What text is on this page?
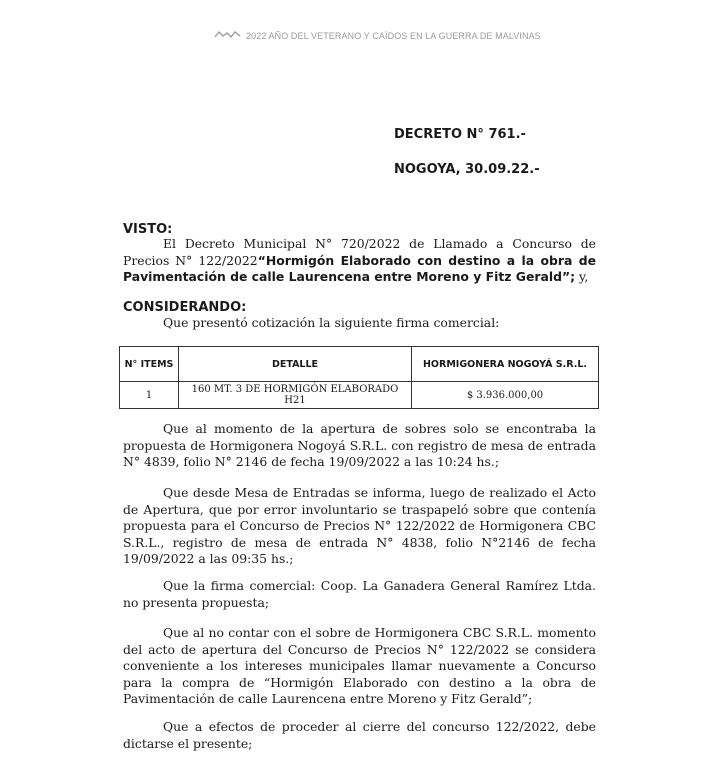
2022 AÑO DEL VETERANO Y CAÍDOS EN LA GUERRA DE MALVINAS
DECRETO N° 761.-
NOGOYA, 30.09.22.-
VISTO:
El Decreto Municipal N° 720/2022 de Llamado a Concurso de Precios N° 122/2022“Hormigón Elaborado con destino a la obra de Pavimentación de calle Laurencena entre Moreno y Fitz Gerald”; y,
CONSIDERANDO:
Que presentó cotización la siguiente firma comercial:
N° ITEMS	DETALLE	HORMIGONERA NOGOYÁ S.R.L.
1	160 MT. 3 DE HORMIGÓN ELABORADO H21	$ 3.936.000,00
Que al momento de la apertura de sobres solo se encontraba la propuesta de Hormigonera Nogoyá S.R.L. con registro de mesa de entrada N° 4839, folio N° 2146 de fecha 19/09/2022 a las 10:24 hs.;
Que desde Mesa de Entradas se informa, luego de realizado el Acto de Apertura, que por error involuntario se traspapeló sobre que contenía propuesta para el Concurso de Precios N° 122/2022 de Hormigonera CBC S.R.L., registro de mesa de entrada N° 4838, folio N°2146 de fecha 19/09/2022 a las 09:35 hs.;
Que la firma comercial: Coop. La Ganadera General Ramírez Ltda. no presenta propuesta;
Que al no contar con el sobre de Hormigonera CBC S.R.L. momento del acto de apertura del Concurso de Precios N° 122/2022 se considera conveniente a los intereses municipales llamar nuevamente a Concurso para la compra de “Hormigón Elaborado con destino a la obra de Pavimentación de calle Laurencena entre Moreno y Fitz Gerald”;
Que a efectos de proceder al cierre del concurso 122/2022, debe dictarse el presente;
